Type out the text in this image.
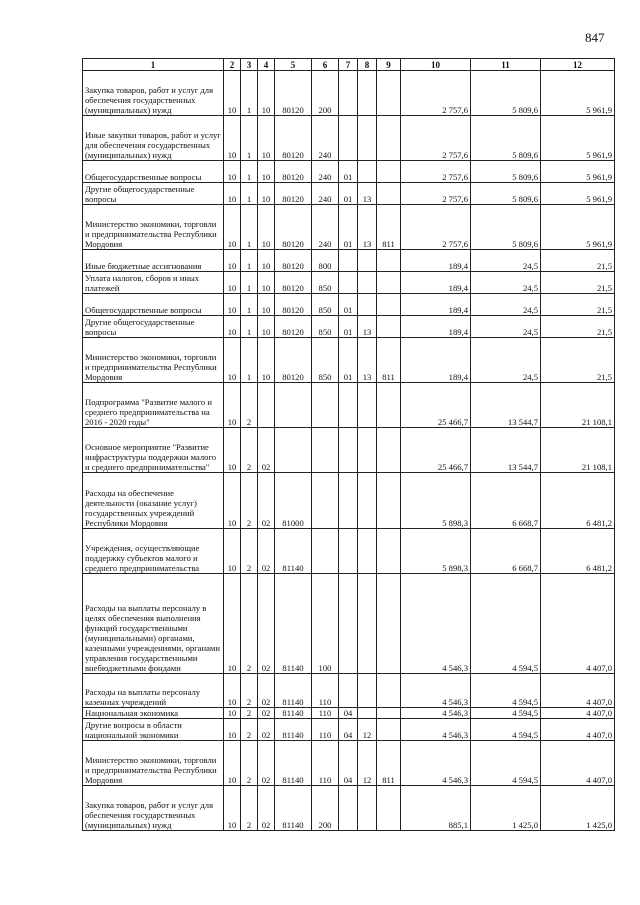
847
1	2	3	4	5	6	7	8	9	10	11	12
Закупка товаров, работ и услуг для обеспечения государственных (муниципальных) нужд	10	1	10	80120	200				2 757,6	5 809,6	5 961,9
Иные закупки товаров, работ и услуг для обеспечения государственных (муниципальных) нужд	10	1	10	80120	240				2 757,6	5 809,6	5 961,9
Общегосударственные вопросы	10	1	10	80120	240	01			2 757,6	5 809,6	5 961,9
Другие общегосударственные вопросы	10	1	10	80120	240	01	13		2 757,6	5 809,6	5 961,9
Министерство экономики, торговли и предпринимательства Республики Мордовия	10	1	10	80120	240	01	13	811	2 757,6	5 809,6	5 961,9
Иные бюджетные ассигнования	10	1	10	80120	800				189,4	24,5	21,5
Уплата налогов, сборов и иных платежей	10	1	10	80120	850				189,4	24,5	21,5
Общегосударственные вопросы	10	1	10	80120	850	01			189,4	24,5	21,5
Другие общегосударственные вопросы	10	1	10	80120	850	01	13		189,4	24,5	21,5
Министерство экономики, торговли и предпринимательства Республики Мордовия	10	1	10	80120	850	01	13	811	189,4	24,5	21,5
Подпрограмма "Развитие малого и среднего предпринимательства на 2016 - 2020 годы"	10	2							25 466,7	13 544,7	21 108,1
Основное мероприятие "Развитие инфраструктуры поддержки малого и среднего предпринимательства"	10	2	02						25 466,7	13 544,7	21 108,1
Расходы на обеспечение деятельности (оказание услуг) государственных учреждений Республики Мордовия	10	2	02	81000					5 898,3	6 668,7	6 481,2
Учреждения, осуществляющие поддержку субъектов малого и среднего предпринимательства	10	2	02	81140					5 898,3	6 668,7	6 481,2
Расходы на выплаты персоналу в целях обеспечения выполнения функций государственными (муниципальными) органами, казенными учреждениями, органами управления государственными внебюджетными фондами	10	2	02	81140	100				4 546,3	4 594,5	4 407,0
Расходы на выплаты персоналу казенных учреждений	10	2	02	81140	110				4 546,3	4 594,5	4 407,0
Национальная экономика	10	2	02	81140	110	04			4 546,3	4 594,5	4 407,0
Другие вопросы в области национальной экономики	10	2	02	81140	110	04	12		4 546,3	4 594,5	4 407,0
Министерство экономики, торговли и предпринимательства Республики Мордовия	10	2	02	81140	110	04	12	811	4 546,3	4 594,5	4 407,0
Закупка товаров, работ и услуг для обеспечения государственных (муниципальных) нужд	10	2	02	81140	200				885,1	1 425,0	1 425,0
